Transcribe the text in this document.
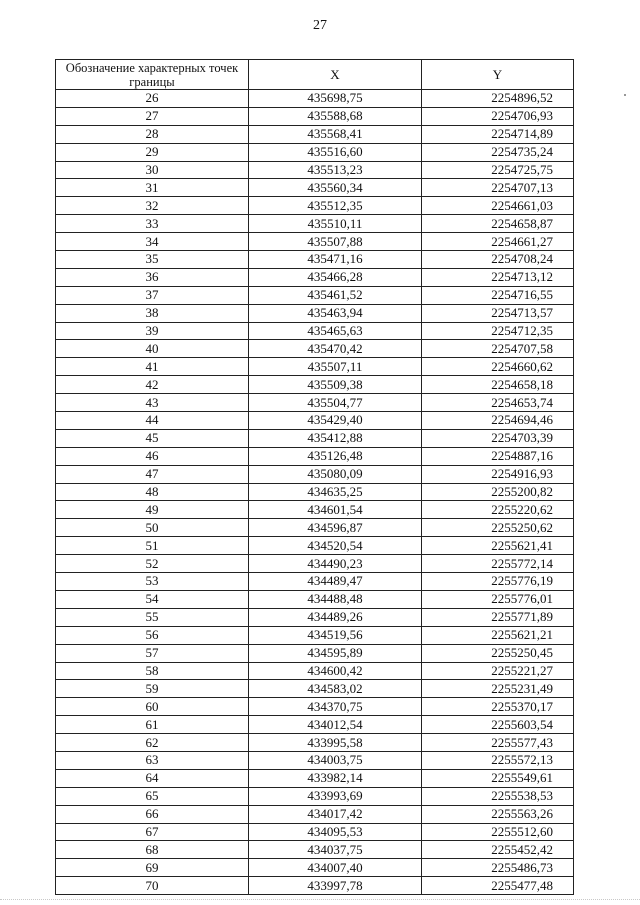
27
Обозначение характерных точек границы	X	Y
26	435698,75	2254896,52
27	435588,68	2254706,93
28	435568,41	2254714,89
29	435516,60	2254735,24
30	435513,23	2254725,75
31	435560,34	2254707,13
32	435512,35	2254661,03
33	435510,11	2254658,87
34	435507,88	2254661,27
35	435471,16	2254708,24
36	435466,28	2254713,12
37	435461,52	2254716,55
38	435463,94	2254713,57
39	435465,63	2254712,35
40	435470,42	2254707,58
41	435507,11	2254660,62
42	435509,38	2254658,18
43	435504,77	2254653,74
44	435429,40	2254694,46
45	435412,88	2254703,39
46	435126,48	2254887,16
47	435080,09	2254916,93
48	434635,25	2255200,82
49	434601,54	2255220,62
50	434596,87	2255250,62
51	434520,54	2255621,41
52	434490,23	2255772,14
53	434489,47	2255776,19
54	434488,48	2255776,01
55	434489,26	2255771,89
56	434519,56	2255621,21
57	434595,89	2255250,45
58	434600,42	2255221,27
59	434583,02	2255231,49
60	434370,75	2255370,17
61	434012,54	2255603,54
62	433995,58	2255577,43
63	434003,75	2255572,13
64	433982,14	2255549,61
65	433993,69	2255538,53
66	434017,42	2255563,26
67	434095,53	2255512,60
68	434037,75	2255452,42
69	434007,40	2255486,73
70	433997,78	2255477,48
